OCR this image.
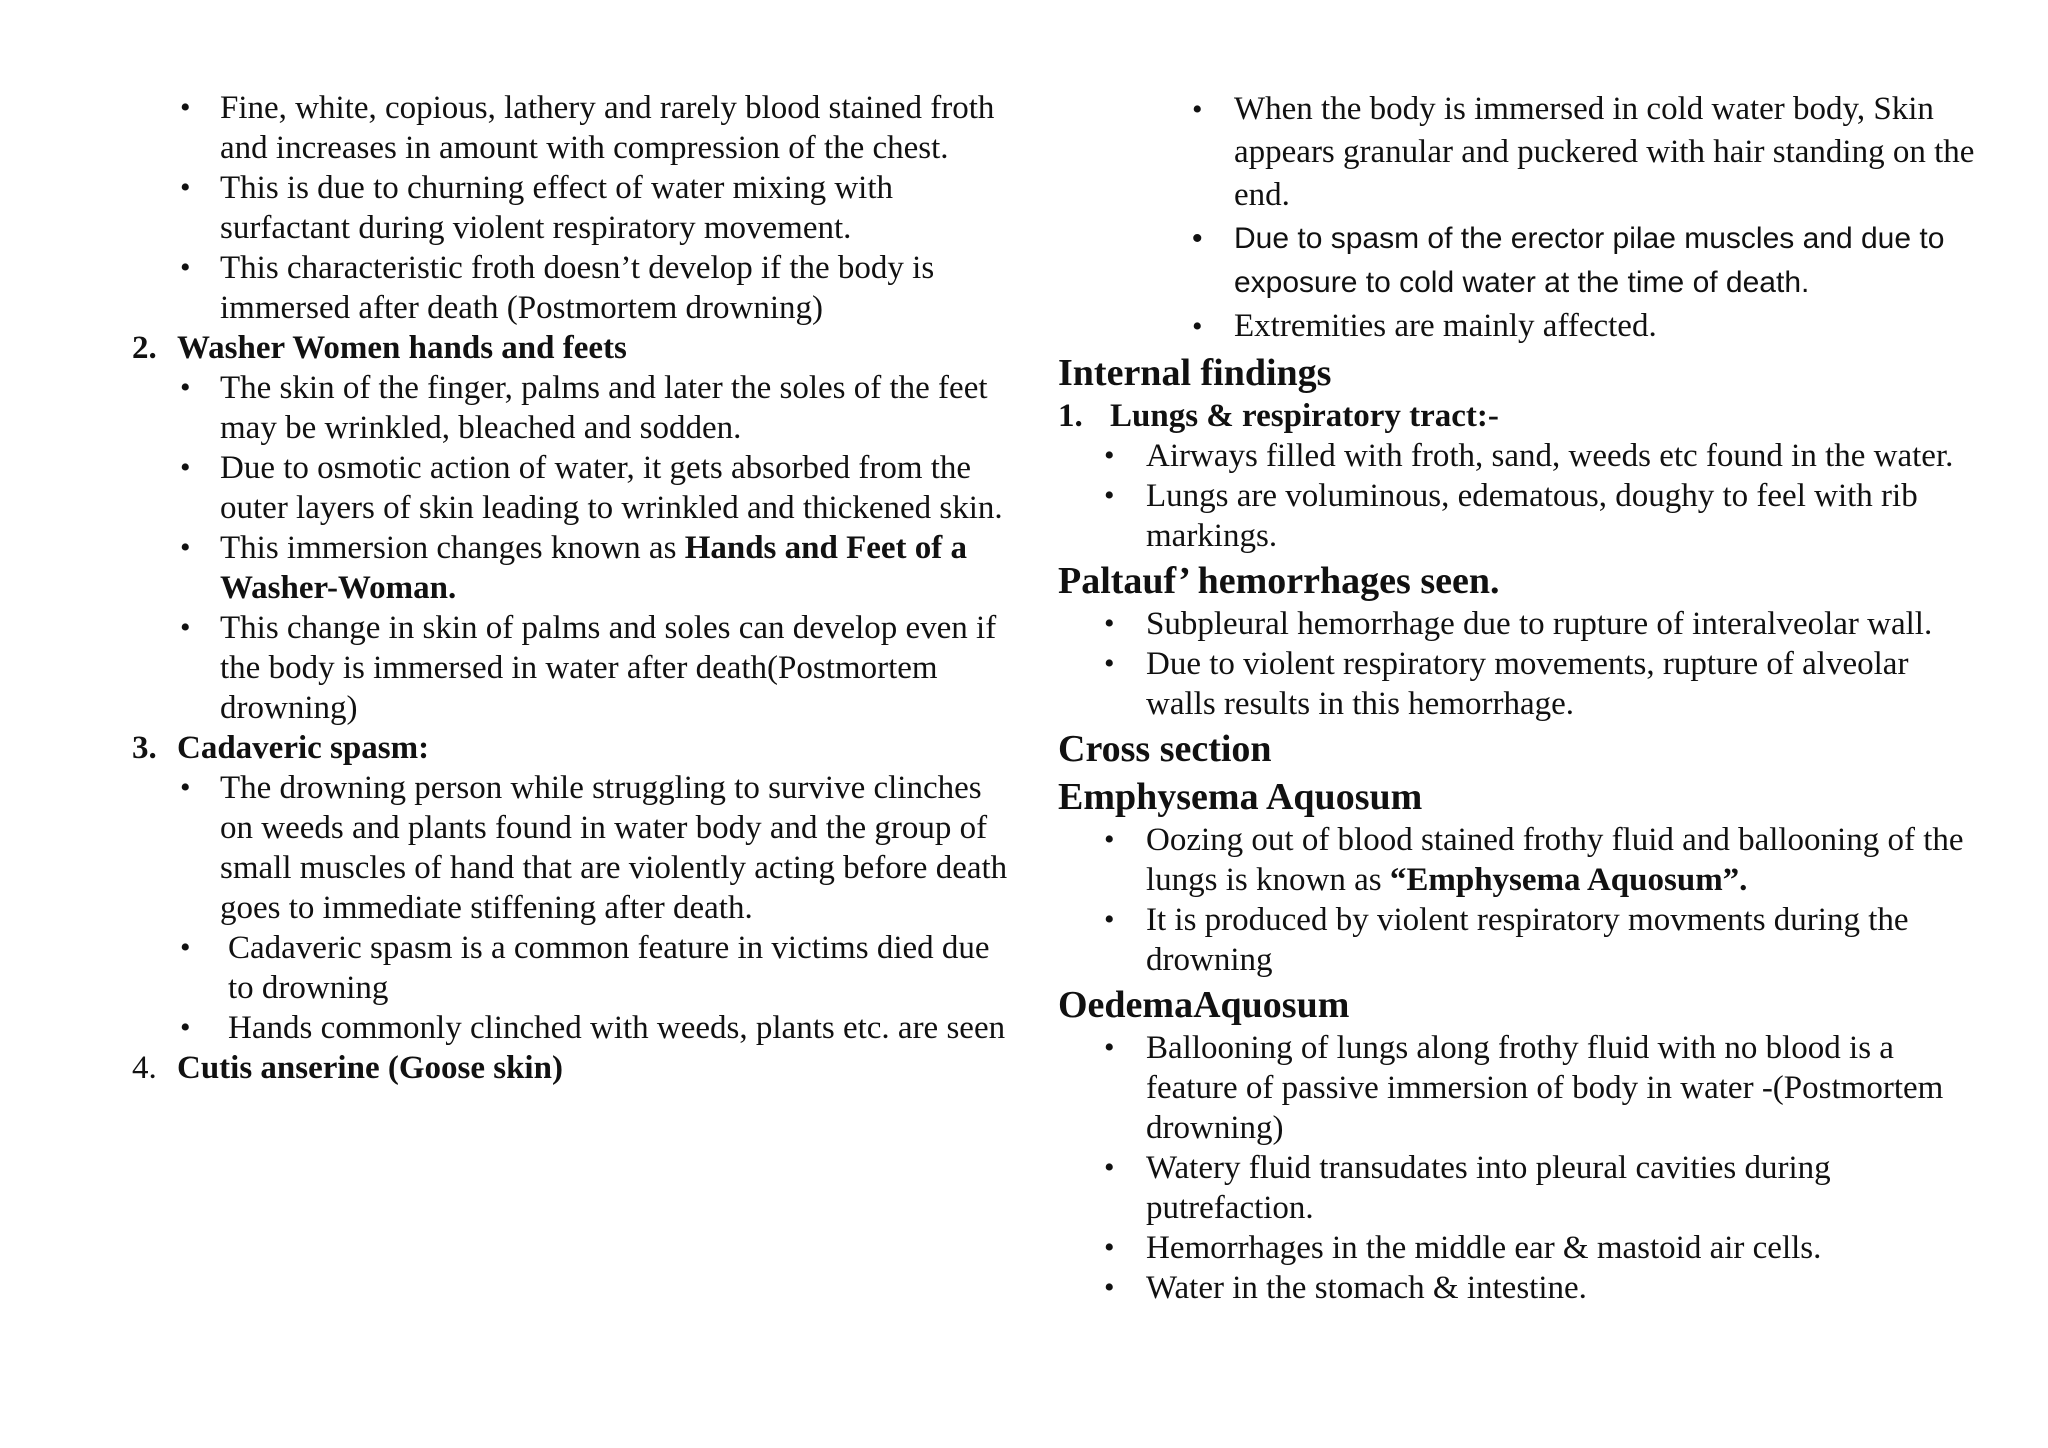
• Fine, white, copious, lathery and rarely blood stained froth and increases in amount with compression of the chest.
• This is due to churning effect of water mixing with surfactant during violent respiratory movement.
• This characteristic froth doesn’t develop if the body is immersed after death (Postmortem drowning)
2. Washer Women hands and feets
• The skin of the finger, palms and later the soles of the feet may be wrinkled, bleached and sodden.
• Due to osmotic action of water, it gets absorbed from the outer layers of skin leading to wrinkled and thickened skin.
• This immersion changes known as Hands and Feet of a Washer-Woman.
• This change in skin of palms and soles can develop even if the body is immersed in water after death(Postmortem drowning)
3. Cadaveric spasm:
• The drowning person while struggling to survive clinches on weeds and plants found in water body and the group of small muscles of hand that are violently acting before death goes to immediate stiffening after death.
• Cadaveric spasm is a common feature in victims died due to drowning
• Hands commonly clinched with weeds, plants etc. are seen
4. Cutis anserine (Goose skin)
• When the body is immersed in cold water body, Skin appears granular and puckered with hair standing on the end.
• Due to spasm of the erector pilae muscles and due to exposure to cold water at the time of death.
• Extremities are mainly affected.
Internal findings
1. Lungs & respiratory tract:-
• Airways filled with froth, sand, weeds etc found in the water.
• Lungs are voluminous, edematous, doughy to feel with rib markings.
Paltauf’ hemorrhages seen.
• Subpleural hemorrhage due to rupture of interalveolar wall.
• Due to violent respiratory movements, rupture of alveolar walls results in this hemorrhage.
Cross section
Emphysema Aquosum
• Oozing out of blood stained frothy fluid and ballooning of the lungs is known as “Emphysema Aquosum”.
• It is produced by violent respiratory movments during the drowning
OedemaAquosum
• Ballooning of lungs along frothy fluid with no blood is a feature of passive immersion of body in water -(Postmortem drowning)
• Watery fluid transudates into pleural cavities during putrefaction.
• Hemorrhages in the middle ear & mastoid air cells.
• Water in the stomach & intestine.
